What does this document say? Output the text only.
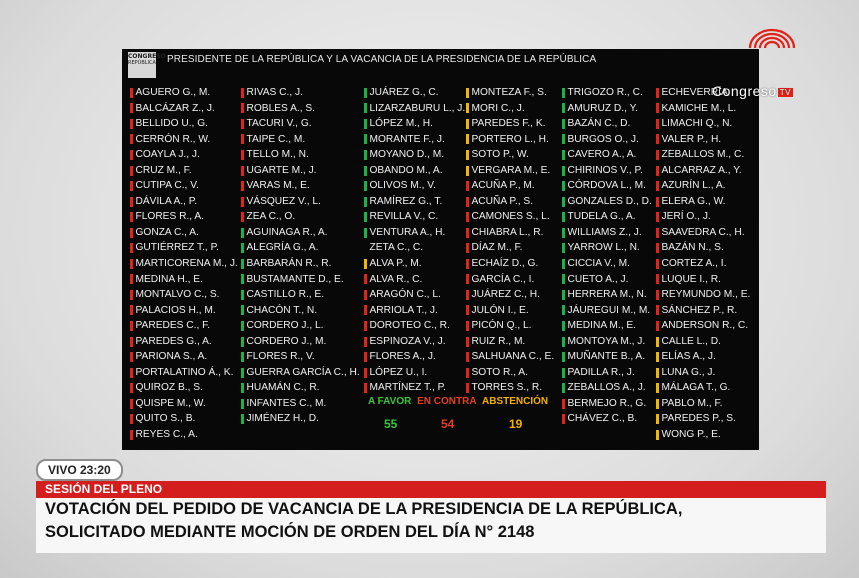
CONGRESO
REPÚBLICA PRESIDENTE DE LA REPÚBLICA Y LA VACANCIA DE LA PRESIDENCIA DE LA REPÚBLICA
AGUERO G., M.
BALCÁZAR Z., J.
BELLIDO U., G.
CERRÓN R., W.
COAYLA J., J.
CRUZ M., F.
CUTIPA C., V.
DÁVILA A., P.
FLORES R., A.
GONZA C., A.
GUTIÉRREZ T., P.
MARTICORENA M., J.
MEDINA H., E.
MONTALVO C., S.
PALACIOS H., M.
PAREDES C., F.
PAREDES G., A.
PARIONA S., A.
PORTALATINO Á., K.
QUIROZ B., S.
QUISPE M., W.
QUITO S., B.
REYES C., A.
RIVAS C., J.
ROBLES A., S.
TACURI V., G.
TAIPE C., M.
TELLO M., N.
UGARTE M., J.
VARAS M., E.
VÁSQUEZ V., L.
ZEA C., O.
AGUINAGA R., A.
ALEGRÍA G., A.
BARBARÁN R., R.
BUSTAMANTE D., E.
CASTILLO R., E.
CHACÓN T., N.
CORDERO J., L.
CORDERO J., M.
FLORES R., V.
GUERRA GARCÍA C., H.
HUAMÁN C., R.
INFANTES C., M.
JIMÉNEZ H., D.
JUÁREZ G., C.
LIZARZABURU L., J.
LÓPEZ M., H.
MORANTE F., J.
MOYANO D., M.
OBANDO M., A.
OLIVOS M., V.
RAMÍREZ G., T.
REVILLA V., C.
VENTURA A., H.
ZETA C., C.
ALVA P., M.
ALVA R., C.
ARAGÓN C., L.
ARRIOLA T., J.
DOROTEO C., R.
ESPINOZA V., J.
FLORES A., J.
LÓPEZ U., I.
MARTÍNEZ T., P.
MONTEZA F., S.
MORI C., J.
PAREDES F., K.
PORTERO L., H.
SOTO P., W.
VERGARA M., E.
ACUÑA P., M.
ACUÑA P., S.
CAMONES S., L.
CHIABRA L., R.
DÍAZ M., F.
ECHAÍZ D., G.
GARCÍA C., I.
JUÁREZ C., H.
JULÓN I., E.
PICÓN Q., L.
RUIZ R., M.
SALHUANA C., E.
SOTO R., A.
TORRES S., R.
TRIGOZO R., C.
AMURUZ D., Y.
BAZÁN C., D.
BURGOS O., J.
CAVERO A., A.
CHIRINOS V., P.
CÓRDOVA L., M.
GONZALES D., D.
TUDELA G., A.
WILLIAMS Z., J.
YARROW L., N.
CICCIA V., M.
CUETO A., J.
HERRERA M., N.
JÁUREGUI M., M.
MEDINA M., E.
MONTOYA M., J.
MUÑANTE B., A.
PADILLA R., J.
ZEBALLOS A., J.
BERMEJO R., G.
CHÁVEZ C., B.
ECHEVERRÍA
KAMICHE M., L.
LIMACHI Q., N.
VALER P., H.
ZEBALLOS M., C.
ALCARRAZ A., Y.
AZURÍN L., A.
ELERA G., W.
JERÍ O., J.
SAAVEDRA C., H.
BAZÁN N., S.
CORTEZ A., I.
LUQUE I., R.
REYMUNDO M., E.
SÁNCHEZ P., R.
ANDERSON R., C.
CALLE L., D.
ELÍAS A., J.
LUNA G., J.
MÁLAGA T., G.
PABLO M., F.
PAREDES P., S.
WONG P., E.
A FAVOR EN CONTRA ABSTENCIÓN
55	54	19
Congreso TV
VIVO 23:20
SESIÓN DEL PLENO
VOTACIÓN DEL PEDIDO DE VACANCIA DE LA PRESIDENCIA DE LA REPÚBLICA,
SOLICITADO MEDIANTE MOCIÓN DE ORDEN DEL DÍA N° 2148
